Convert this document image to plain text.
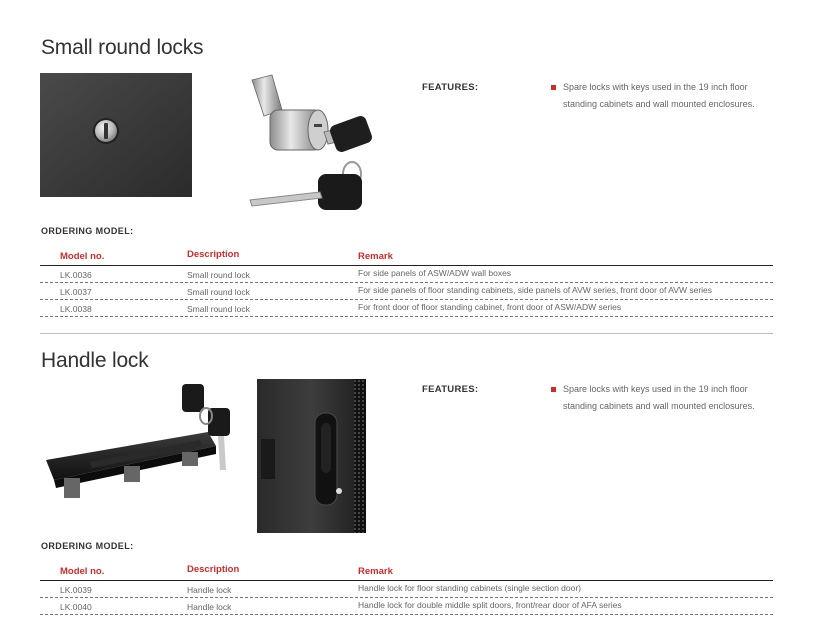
Small round locks
FEATURES:	Spare locks with keys used in the 19 inch floor
standing cabinets and wall mounted enclosures.
ORDERING MODEL:
Model no.	Description	Remark
LK.0036	Small round lock	For side panels of ASW/ADW wall boxes
LK.0037	Small round lock	For side panels of floor standing cabinets, side panels of AVW series, front door of AVW series
LK.0038	Small round lock	For front door of floor standing cabinet, front door of ASW/ADW series
Handle lock
FEATURES:	Spare locks with keys used in the 19 inch floor
standing cabinets and wall mounted enclosures.
ORDERING MODEL:
Model no.	Description	Remark
LK.0039	Handle lock	Handle lock for floor standing cabinets (single section door)
LK.0040	Handle lock	Handle lock for double middle split doors, front/rear door of AFA series
